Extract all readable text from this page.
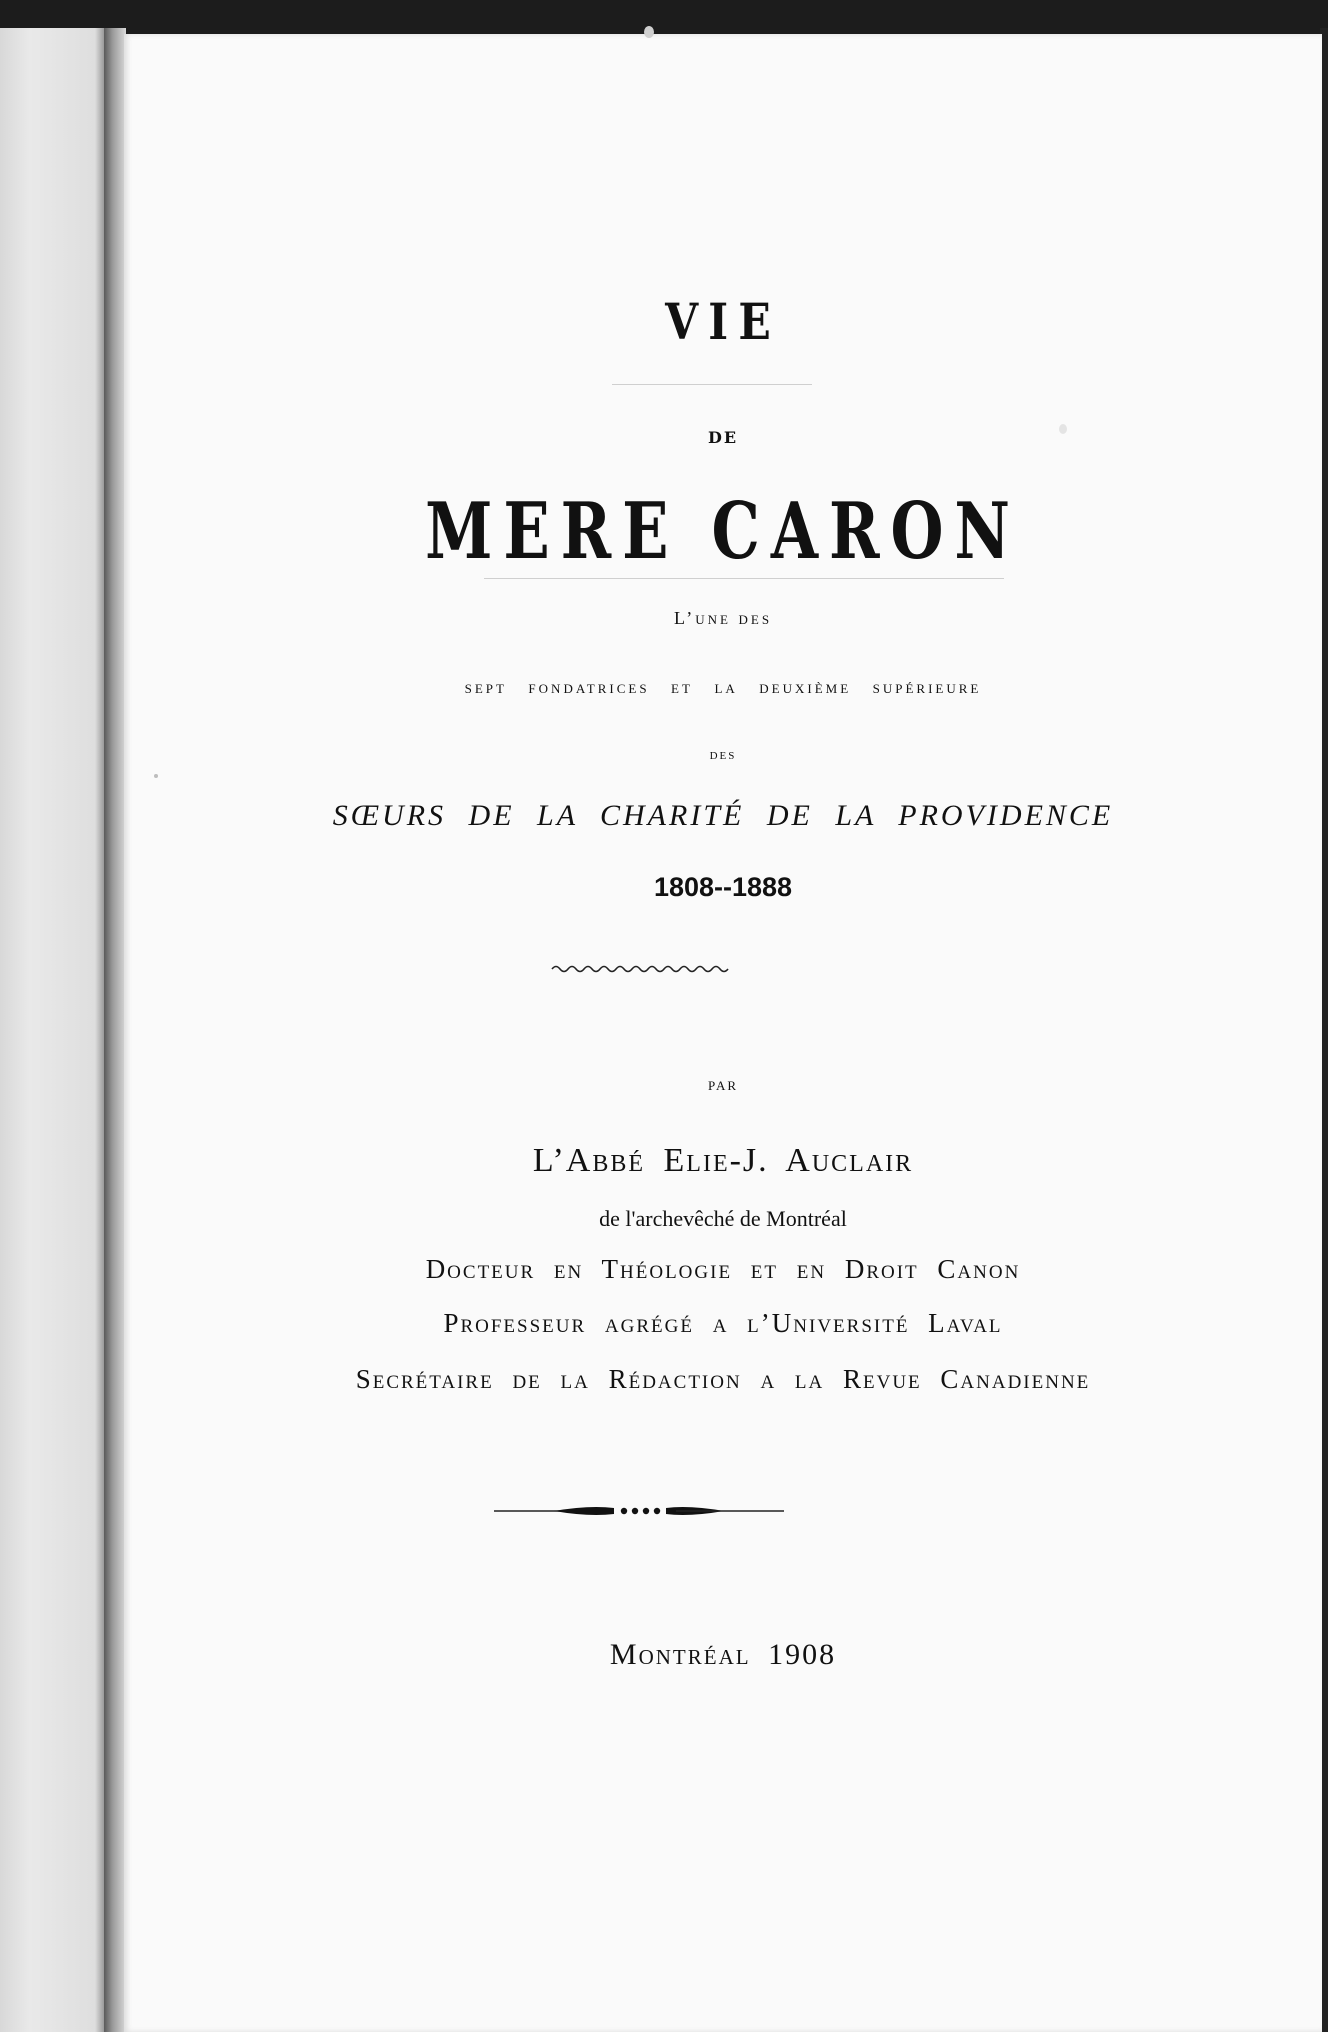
VIE
DE
MERE CARON
L’une des
sept fondatrices et la deuxième supérieure
des
SŒURS DE LA CHARITÉ DE LA PROVIDENCE
1808--1888
par
L’Abbé Elie-J. Auclair
de l'archevêché de Montréal
Docteur en Théologie et en Droit Canon
Professeur agrégé a l’Université Laval
Secrétaire de la Rédaction a la Revue Canadienne
Montréal 1908
